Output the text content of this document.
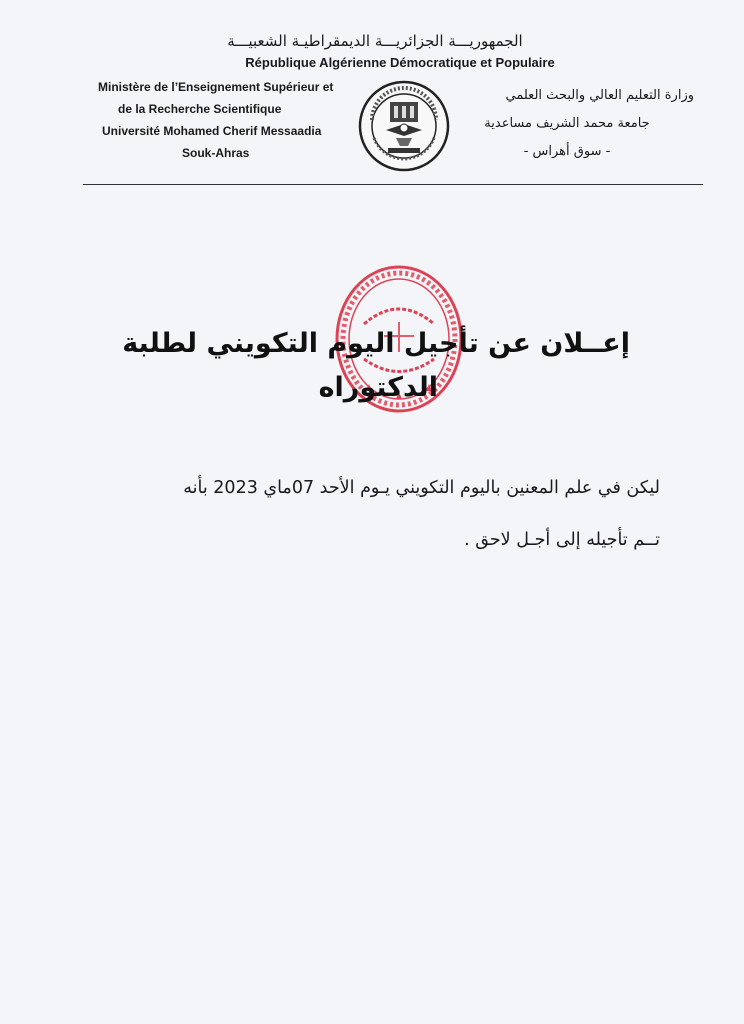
الجمهوريـــة الجزائريـــة الديمقراطيـة الشعبيـــة
République Algérienne Démocratique et Populaire
Ministère de l’Enseignement Supérieur et
de la Recherche Scientifique
Université Mohamed Cherif Messaadia
Souk-Ahras
وزارة التعليم العالي والبحث العلمي
جامعة محمد الشريف مساعدية
- سوق أهراس -
إعــلان عن تأجيل اليوم التكويني لطلبة
الدكتوراه
ليكن في علم المعنين باليوم التكويني يـوم الأحد 07ماي 2023 بأنه
تــم تأجيله إلى أجـل لاحق .
